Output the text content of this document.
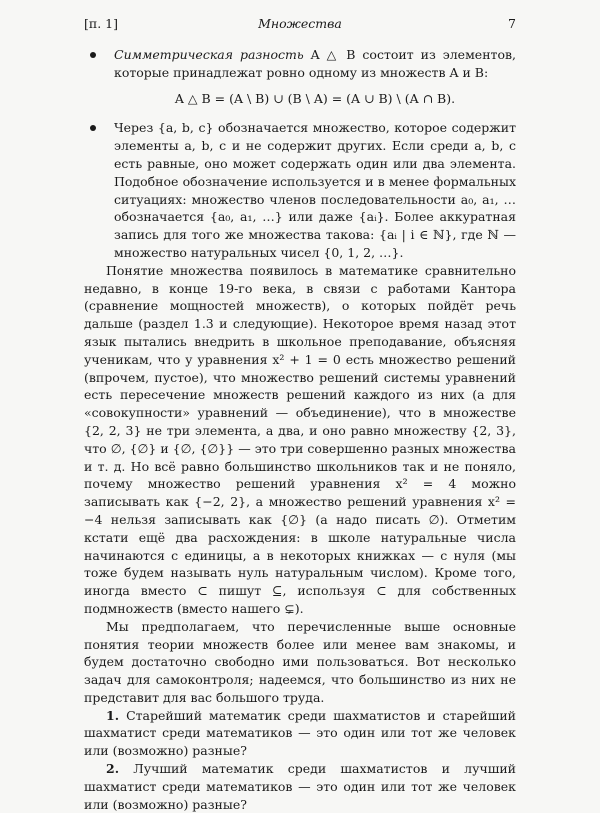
[п. 1]	Множества	7

Симметрическая разность A △ B состоит из элементов, которые принадлежат ровно одному из множеств A и B:

A △ B = (A \ B) ∪ (B \ A) = (A ∪ B) \ (A ∩ B).

Через {a, b, c} обозначается множество, которое содержит элементы a, b, c и не содержит других. Если среди a, b, c есть равные, оно может содержать один или два элемента. Подобное обозначение используется и в менее формальных ситуациях: множество членов последовательности a₀, a₁, … обозначается {a₀, a₁, …} или даже {aᵢ}. Более аккуратная запись для того же множества такова: {aᵢ | i ∈ ℕ}, где ℕ — множество натуральных чисел {0, 1, 2, …}.

Понятие множества появилось в математике сравнительно недавно, в конце 19-го века, в связи с работами Кантора (сравнение мощностей множеств), о которых пойдёт речь дальше (раздел 1.3 и следующие). Некоторое время назад этот язык пытались внедрить в школьное преподавание, объясняя ученикам, что у уравнения x² + 1 = 0 есть множество решений (впрочем, пустое), что множество решений системы уравнений есть пересечение множеств решений каждого из них (а для «совокупности» уравнений — объединение), что в множестве {2, 2, 3} не три элемента, а два, и оно равно множеству {2, 3}, что ∅, {∅} и {∅, {∅}} — это три совершенно разных множества и т. д. Но всё равно большинство школьников так и не поняло, почему множество решений уравнения x² = 4 можно записывать как {−2, 2}, а множество решений уравнения x² = −4 нельзя записывать как {∅} (а надо писать ∅). Отметим кстати ещё два расхождения: в школе натуральные числа начинаются с единицы, а в некоторых книжках — с нуля (мы тоже будем называть нуль натуральным числом). Кроме того, иногда вместо ⊂ пишут ⊆, используя ⊂ для собственных подмножеств (вместо нашего ⊊).

Мы предполагаем, что перечисленные выше основные понятия теории множеств более или менее вам знакомы, и будем достаточно свободно ими пользоваться. Вот несколько задач для самоконтроля; надеемся, что большинство из них не представит для вас большого труда.

1. Старейший математик среди шахматистов и старейший шахматист среди математиков — это один или тот же человек или (возможно) разные?

2. Лучший математик среди шахматистов и лучший шахматист среди математиков — это один или тот же человек или (возможно) разные?
